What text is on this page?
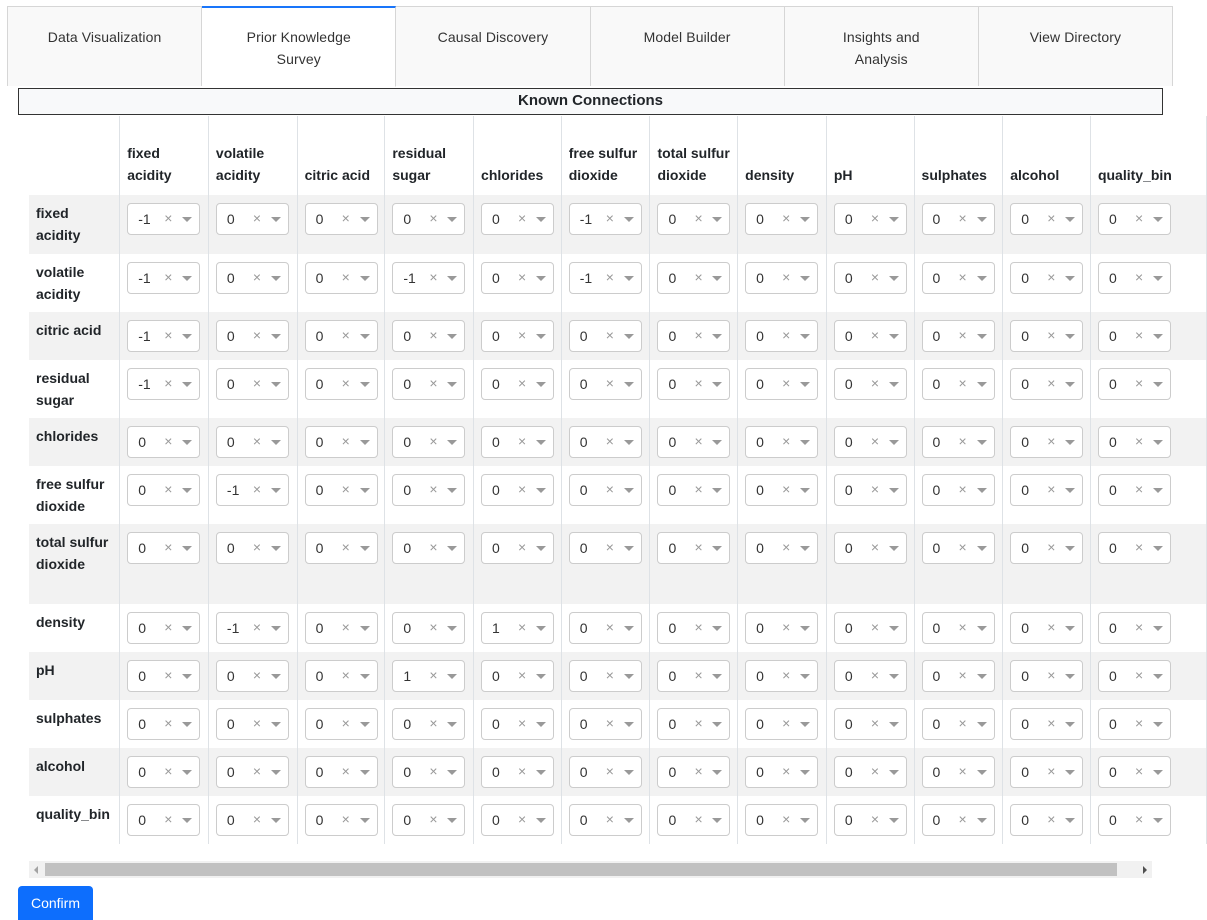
Data Visualization	Prior Knowledge Survey
Causal Discovery	Model Builder	Insights and Analysis
View Directory
Known Connections
	fixed acidity	volatile acidity	citric acid	residual sugar	chlorides	free sulfur dioxide	total sulfur dioxide	density	pH	sulphates	alcohol	quality_bin
fixed acidity	-1 ×	0 ×	0 ×	0 ×	0 ×	-1 ×	0 ×	0 ×	0 ×	0 ×	0 ×	0 ×

volatile acidity	-1 ×	0 ×	0 ×	-1 ×	0 ×	-1 ×	0 ×	0 ×	0 ×	0 ×	0 ×	0 ×

citric acid	-1 ×	0 ×	0 ×	0 ×	0 ×	0 ×	0 ×	0 ×	0 ×	0 ×	0 ×	0 ×

residual sugar	-1 ×	0 ×	0 ×	0 ×	0 ×	0 ×	0 ×	0 ×	0 ×	0 ×	0 ×	0 ×

chlorides	0 ×	0 ×	0 ×	0 ×	0 ×	0 ×	0 ×	0 ×	0 ×	0 ×	0 ×	0 ×

free sulfur dioxide	0 ×	-1 ×	0 ×	0 ×	0 ×	0 ×	0 ×	0 ×	0 ×	0 ×	0 ×	0 ×

total sulfur dioxide	0 ×	0 ×	0 ×	0 ×	0 ×	0 ×	0 ×	0 ×	0 ×	0 ×	0 ×	0 ×

density	0 ×	-1 ×	0 ×	0 ×	1 ×	0 ×	0 ×	0 ×	0 ×	0 ×	0 ×	0 ×

pH	0 ×	0 ×	0 ×	1 ×	0 ×	0 ×	0 ×	0 ×	0 ×	0 ×	0 ×	0 ×

sulphates	0 ×	0 ×	0 ×	0 ×	0 ×	0 ×	0 ×	0 ×	0 ×	0 ×	0 ×	0 ×

alcohol	0 ×	0 ×	0 ×	0 ×	0 ×	0 ×	0 ×	0 ×	0 ×	0 ×	0 ×	0 ×

quality_bin	0 ×	0 ×	0 ×	0 ×	0 ×	0 ×	0 ×	0 ×	0 ×	0 ×	0 ×	0 ×
Confirm
